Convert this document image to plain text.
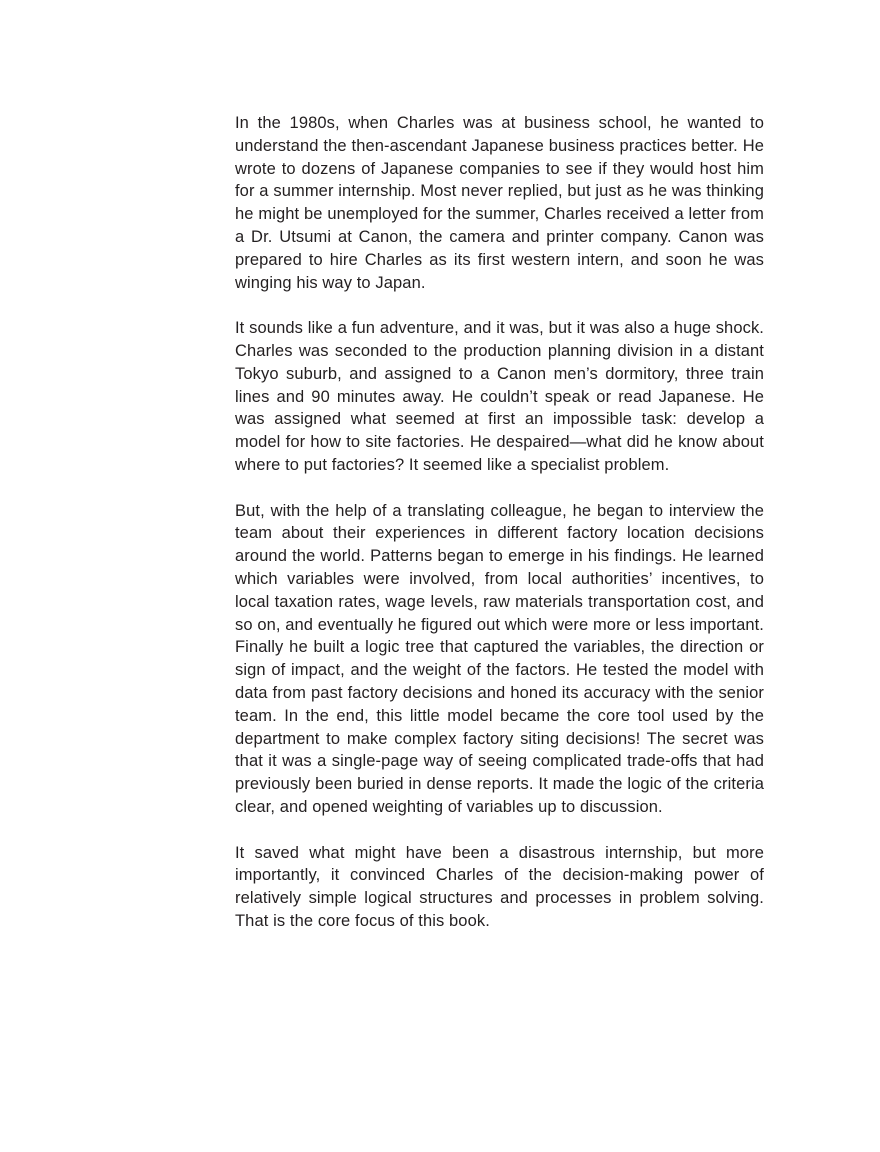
In the 1980s, when Charles was at business school, he wanted to understand the then-ascendant Japanese business practices better. He wrote to dozens of Japanese companies to see if they would host him for a summer internship. Most never replied, but just as he was thinking he might be unemployed for the summer, Charles received a letter from a Dr. Utsumi at Canon, the camera and printer company. Canon was prepared to hire Charles as its first western intern, and soon he was winging his way to Japan.

It sounds like a fun adventure, and it was, but it was also a huge shock. Charles was seconded to the production planning division in a distant Tokyo suburb, and assigned to a Canon men’s dormitory, three train lines and 90 minutes away. He couldn’t speak or read Japanese. He was assigned what seemed at first an impossible task: develop a model for how to site factories. He despaired—what did he know about where to put factories? It seemed like a specialist problem.

But, with the help of a translating colleague, he began to interview the team about their experiences in different factory location decisions around the world. Patterns began to emerge in his findings. He learned which variables were involved, from local authorities’ incentives, to local taxation rates, wage levels, raw materials transportation cost, and so on, and eventually he figured out which were more or less important. Finally he built a logic tree that captured the variables, the direction or sign of impact, and the weight of the factors. He tested the model with data from past factory decisions and honed its accuracy with the senior team. In the end, this little model became the core tool used by the department to make complex factory siting decisions! The secret was that it was a single-page way of seeing complicated trade-offs that had previously been buried in dense reports. It made the logic of the criteria clear, and opened weighting of variables up to discussion.

It saved what might have been a disastrous internship, but more importantly, it convinced Charles of the decision-making power of relatively simple logical structures and processes in problem solving. That is the core focus of this book.
